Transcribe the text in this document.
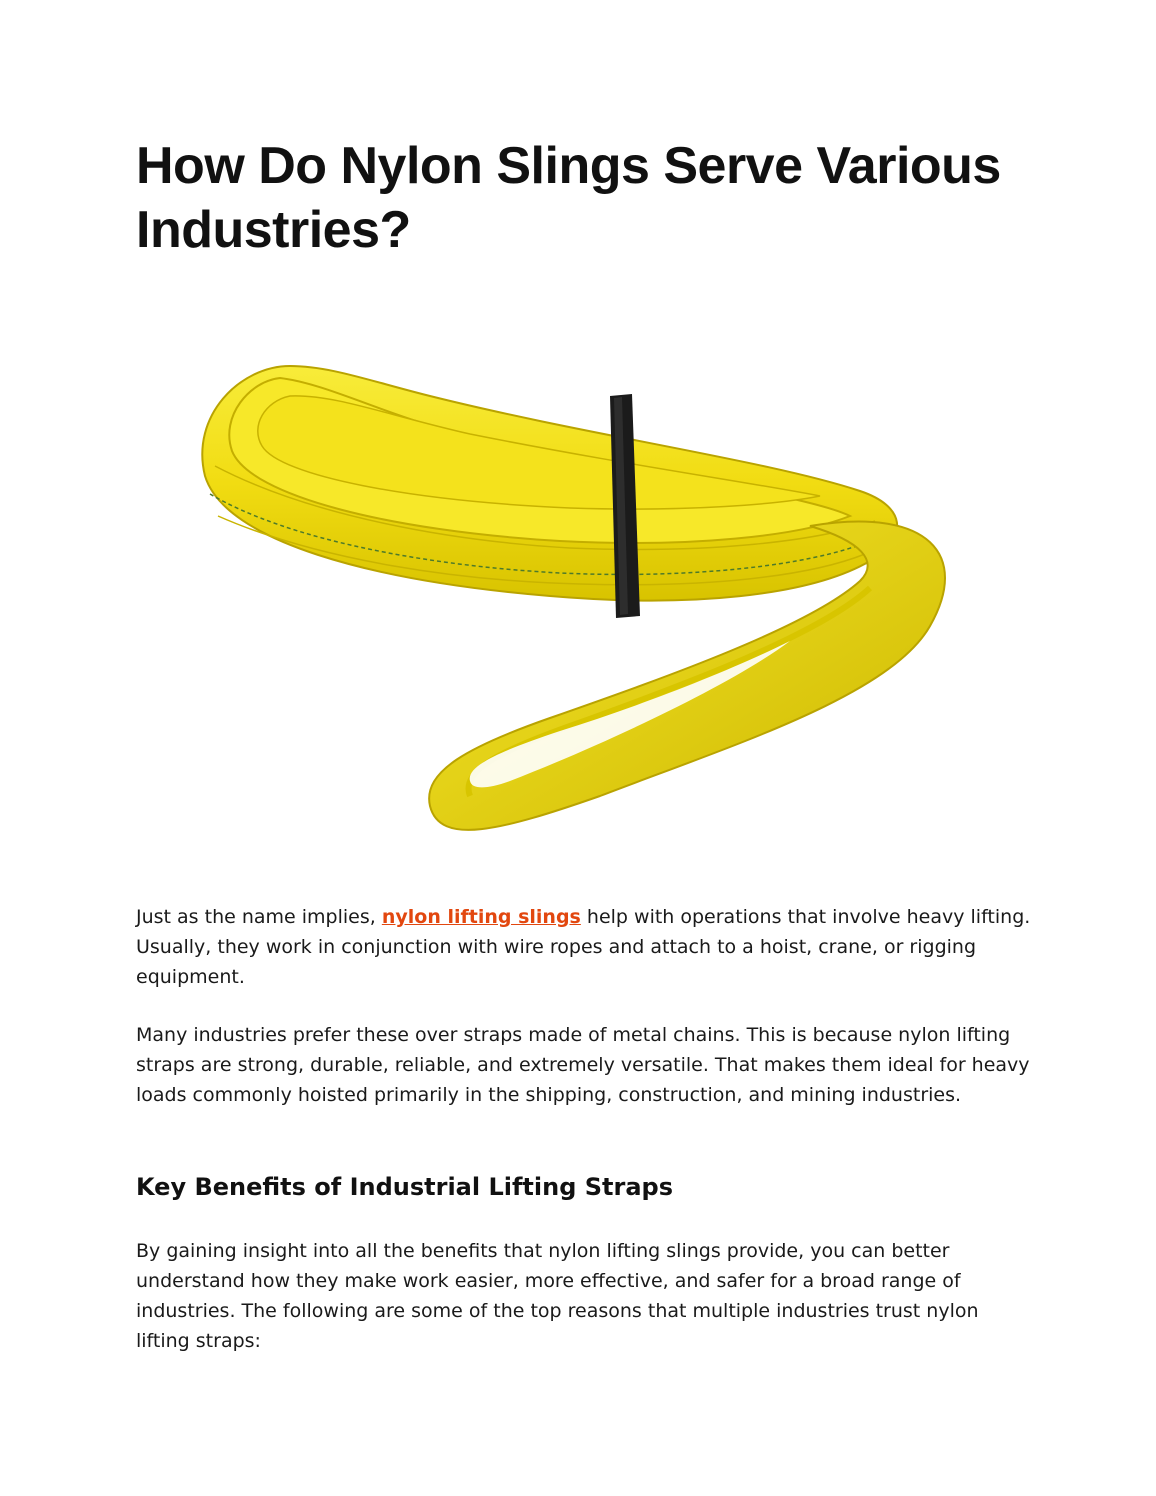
How Do Nylon Slings Serve Various Industries?

Just as the name implies, nylon lifting slings help with operations that involve heavy lifting. Usually, they work in conjunction with wire ropes and attach to a hoist, crane, or rigging equipment.

Many industries prefer these over straps made of metal chains. This is because nylon lifting straps are strong, durable, reliable, and extremely versatile. That makes them ideal for heavy loads commonly hoisted primarily in the shipping, construction, and mining industries.

Key Benefits of Industrial Lifting Straps

By gaining insight into all the benefits that nylon lifting slings provide, you can better understand how they make work easier, more effective, and safer for a broad range of industries. The following are some of the top reasons that multiple industries trust nylon lifting straps:
